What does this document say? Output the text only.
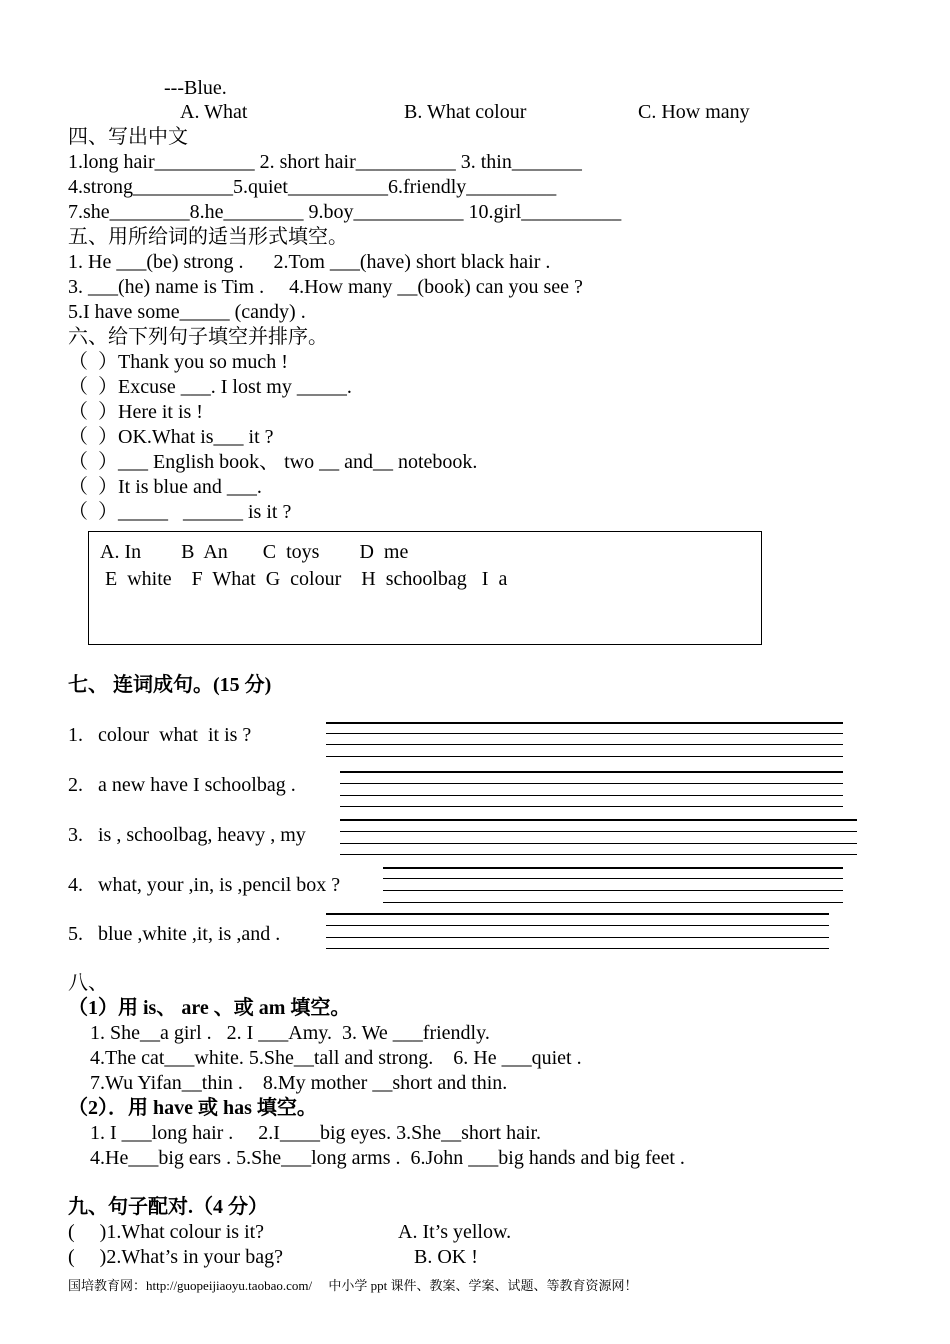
---Blue.
A. What	B. What colour	C. How many
四、写出中文
1.long hair__________ 2. short hair__________ 3. thin_______
4.strong__________5.quiet__________6.friendly_________
7.she________8.he________ 9.boy___________ 10.girl__________
五、用所给词的适当形式填空。
1. He ___(be) strong .      2.Tom ___(have) short black hair .
3. ___(he) name is Tim .     4.How many __(book) can you see ?
5.I have some_____ (candy) .
六、给下列句子填空并排序。
（  ）Thank you so much !
（  ）Excuse ___. I lost my _____.
（  ）Here it is !
（  ）OK.What is___ it ?
（  ）___ English book、 two __ and__ notebook.
（  ）It is blue and ___.
（  ）_____   ______ is it ?
A. In        B  An       C  toys        D  me
E  white    F  What  G  colour    H  schoolbag   I  a
七、 连词成句。(15 分)
1.   colour  what  it is ?
2.   a new have I schoolbag .
3.   is , schoolbag, heavy , my
4.   what, your ,in, is ,pencil box ?
5.   blue ,white ,it, is ,and .
八、
（1）用 is、 are 、或 am 填空。
1. She__a girl .   2. I ___Amy.  3. We ___friendly.
4.The cat___white. 5.She__tall and strong.    6. He ___quiet .
7.Wu Yifan__thin .    8.My mother __short and thin.
（2）．用 have 或 has 填空。
1. I ___long hair .     2.I____big eyes. 3.She__short hair.
4.He___big ears . 5.She___long arms .  6.John ___big hands and big feet .
九、句子配对.（4 分）
(     )1.What colour is it?	A. It’s yellow.
(     )2.What’s in your bag?	B. OK !
国培教育网：http://guopeijiaoyu.taobao.com/     中小学 ppt 课件、教案、学案、试题、等教育资源网！
